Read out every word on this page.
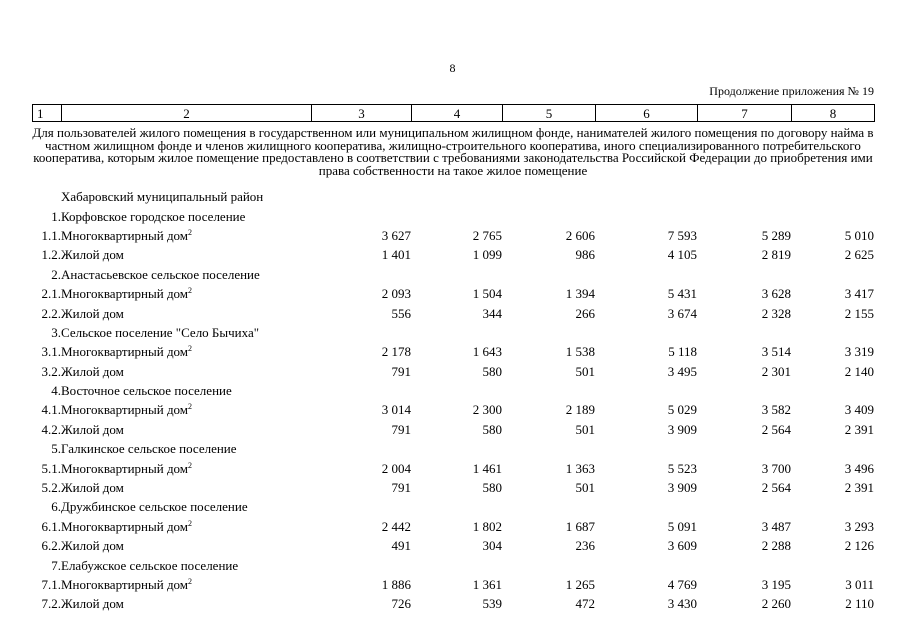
8
Продолжение приложения № 19
1	2	3	4	5	6	7	8
Для пользователей жилого помещения в государственном или муниципальном жилищном фонде, нанимателей жилого помещения по договору найма в частном жилищном фонде и членов жилищного кооператива, жилищно-строительного кооператива, иного специализированного потребительского кооператива, которым жилое помещение предоставлено в соответствии с требованиями законодательства Российской Федерации до приобретения ими права собственности на такое жилое помещение
	Хабаровский муниципальный район						
1.	Корфовское городское поселение						
1.1.	Многоквартирный дом$^2$	3 627	2 765	2 606	7 593	5 289	5 010
1.2.	Жилой дом	1 401	1 099	986	4 105	2 819	2 625
2.	Анастасьевское сельское поселение						
2.1.	Многоквартирный дом$^2$	2 093	1 504	1 394	5 431	3 628	3 417
2.2.	Жилой дом	556	344	266	3 674	2 328	2 155
3.	Сельское поселение "Село Бычиха"						
3.1.	Многоквартирный дом$^2$	2 178	1 643	1 538	5 118	3 514	3 319
3.2.	Жилой дом	791	580	501	3 495	2 301	2 140
4.	Восточное сельское поселение						
4.1.	Многоквартирный дом$^2$	3 014	2 300	2 189	5 029	3 582	3 409
4.2.	Жилой дом	791	580	501	3 909	2 564	2 391
5.	Галкинское сельское поселение						
5.1.	Многоквартирный дом$^2$	2 004	1 461	1 363	5 523	3 700	3 496
5.2.	Жилой дом	791	580	501	3 909	2 564	2 391
6.	Дружбинское сельское поселение						
6.1.	Многоквартирный дом$^2$	2 442	1 802	1 687	5 091	3 487	3 293
6.2.	Жилой дом	491	304	236	3 609	2 288	2 126
7.	Елабужское сельское поселение						
7.1.	Многоквартирный дом$^2$	1 886	1 361	1 265	4 769	3 195	3 011
7.2.	Жилой дом	726	539	472	3 430	2 260	2 110
